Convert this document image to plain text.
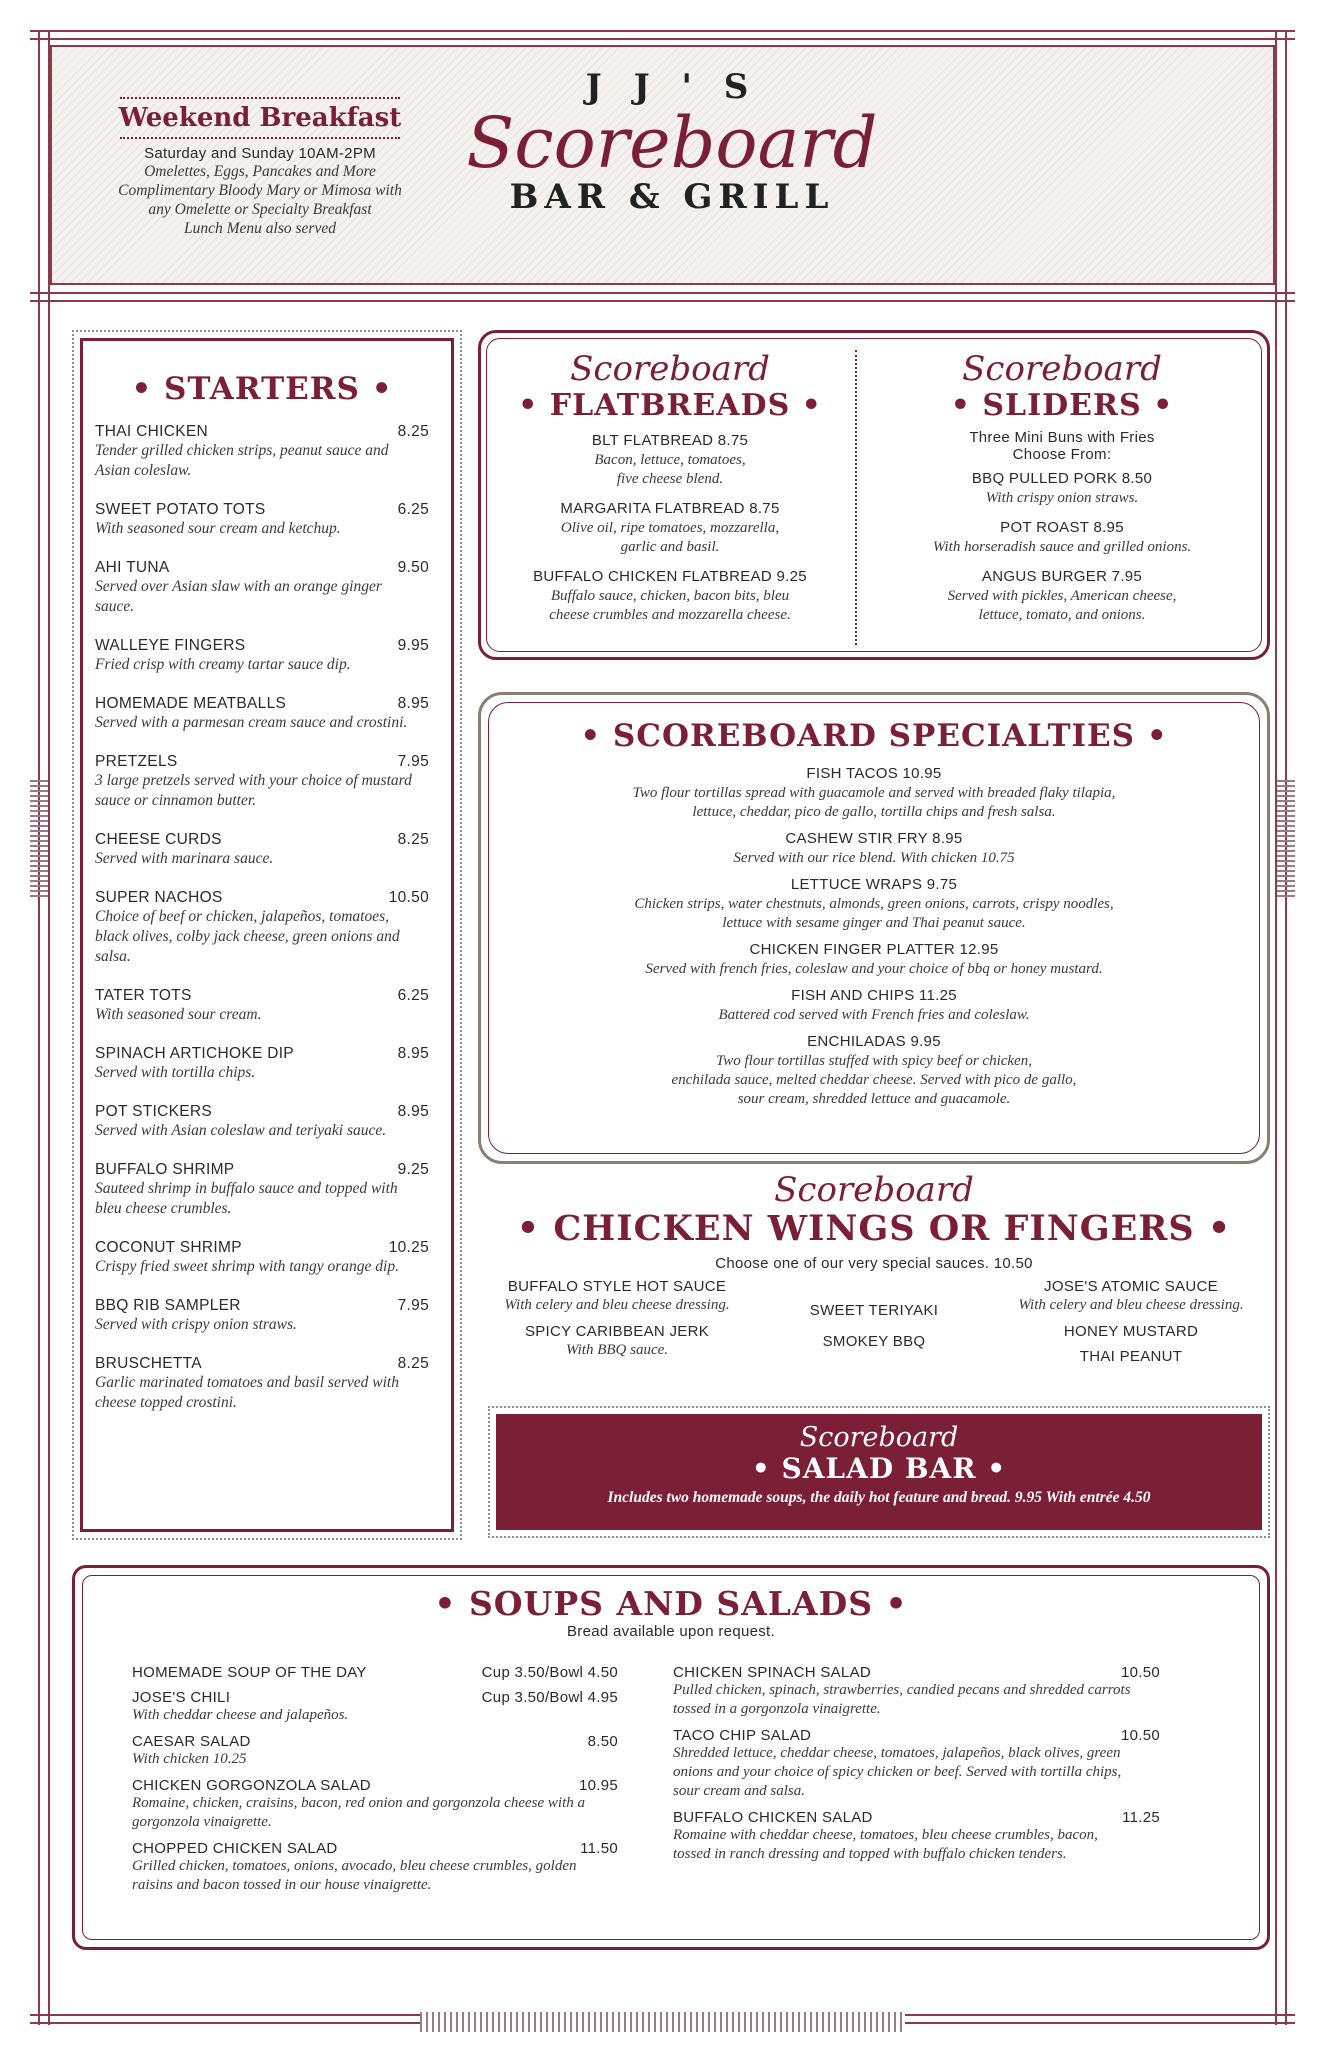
Weekend Breakfast
Saturday and Sunday 10AM-2PM
Omelettes, Eggs, Pancakes and More
Complimentary Bloody Mary or Mimosa with
any Omelette or Specialty Breakfast
Lunch Menu also served
J J ' S
Scoreboard
BAR & GRILL
• STARTERS •
THAI CHICKEN	8.25
Tender grilled chicken strips, peanut sauce and Asian coleslaw.
SWEET POTATO TOTS	6.25
With seasoned sour cream and ketchup.
AHI TUNA	9.50
Served over Asian slaw with an orange ginger sauce.
WALLEYE FINGERS	9.95
Fried crisp with creamy tartar sauce dip.
HOMEMADE MEATBALLS	8.95
Served with a parmesan cream sauce and crostini.
PRETZELS	7.95
3 large pretzels served with your choice of mustard sauce or cinnamon butter.
CHEESE CURDS	8.25
Served with marinara sauce.
SUPER NACHOS	10.50
Choice of beef or chicken, jalapeños, tomatoes, black olives, colby jack cheese, green onions and salsa.
TATER TOTS	6.25
With seasoned sour cream.
SPINACH ARTICHOKE DIP	8.95
Served with tortilla chips.
POT STICKERS	8.95
Served with Asian coleslaw and teriyaki sauce.
BUFFALO SHRIMP	9.25
Sauteed shrimp in buffalo sauce and topped with bleu cheese crumbles.
COCONUT SHRIMP	10.25
Crispy fried sweet shrimp with tangy orange dip.
BBQ RIB SAMPLER	7.95
Served with crispy onion straws.
BRUSCHETTA	8.25
Garlic marinated tomatoes and basil served with cheese topped crostini.
Scoreboard
• FLATBREADS •
BLT FLATBREAD 8.75
Bacon, lettuce, tomatoes,
five cheese blend.
MARGARITA FLATBREAD 8.75
Olive oil, ripe tomatoes, mozzarella,
garlic and basil.
BUFFALO CHICKEN FLATBREAD 9.25
Buffalo sauce, chicken, bacon bits, bleu
cheese crumbles and mozzarella cheese.
Scoreboard
• SLIDERS •
Three Mini Buns with Fries
Choose From:
BBQ PULLED PORK 8.50
With crispy onion straws.
POT ROAST 8.95
With horseradish sauce and grilled onions.
ANGUS BURGER 7.95
Served with pickles, American cheese,
lettuce, tomato, and onions.
• SCOREBOARD SPECIALTIES •
FISH TACOS 10.95
Two flour tortillas spread with guacamole and served with breaded flaky tilapia,
lettuce, cheddar, pico de gallo, tortilla chips and fresh salsa.
CASHEW STIR FRY 8.95
Served with our rice blend. With chicken 10.75
LETTUCE WRAPS 9.75
Chicken strips, water chestnuts, almonds, green onions, carrots, crispy noodles,
lettuce with sesame ginger and Thai peanut sauce.
CHICKEN FINGER PLATTER 12.95
Served with french fries, coleslaw and your choice of bbq or honey mustard.
FISH AND CHIPS 11.25
Battered cod served with French fries and coleslaw.
ENCHILADAS 9.95
Two flour tortillas stuffed with spicy beef or chicken,
enchilada sauce, melted cheddar cheese. Served with pico de gallo,
sour cream, shredded lettuce and guacamole.
Scoreboard
• CHICKEN WINGS OR FINGERS •
Choose one of our very special sauces. 10.50
BUFFALO STYLE HOT SAUCE
With celery and bleu cheese dressing.
SPICY CARIBBEAN JERK
With BBQ sauce.
SWEET TERIYAKI
SMOKEY BBQ
JOSE'S ATOMIC SAUCE
With celery and bleu cheese dressing.
HONEY MUSTARD
THAI PEANUT
Scoreboard
• SALAD BAR •
Includes two homemade soups, the daily hot feature and bread. 9.95 With entrée 4.50
• SOUPS AND SALADS •
Bread available upon request.
HOMEMADE SOUP OF THE DAY	Cup 3.50/Bowl 4.50
JOSE'S CHILI	Cup 3.50/Bowl 4.95
With cheddar cheese and jalapeños.
CAESAR SALAD	8.50
With chicken 10.25
CHICKEN GORGONZOLA SALAD	10.95
Romaine, chicken, craisins, bacon, red onion and gorgonzola cheese with a gorgonzola vinaigrette.
CHOPPED CHICKEN SALAD	11.50
Grilled chicken, tomatoes, onions, avocado, bleu cheese crumbles, golden raisins and bacon tossed in our house vinaigrette.
CHICKEN SPINACH SALAD	10.50
Pulled chicken, spinach, strawberries, candied pecans and shredded carrots tossed in a gorgonzola vinaigrette.
TACO CHIP SALAD	10.50
Shredded lettuce, cheddar cheese, tomatoes, jalapeños, black olives, green onions and your choice of spicy chicken or beef. Served with tortilla chips, sour cream and salsa.
BUFFALO CHICKEN SALAD	11.25
Romaine with cheddar cheese, tomatoes, bleu cheese crumbles, bacon, tossed in ranch dressing and topped with buffalo chicken tenders.
